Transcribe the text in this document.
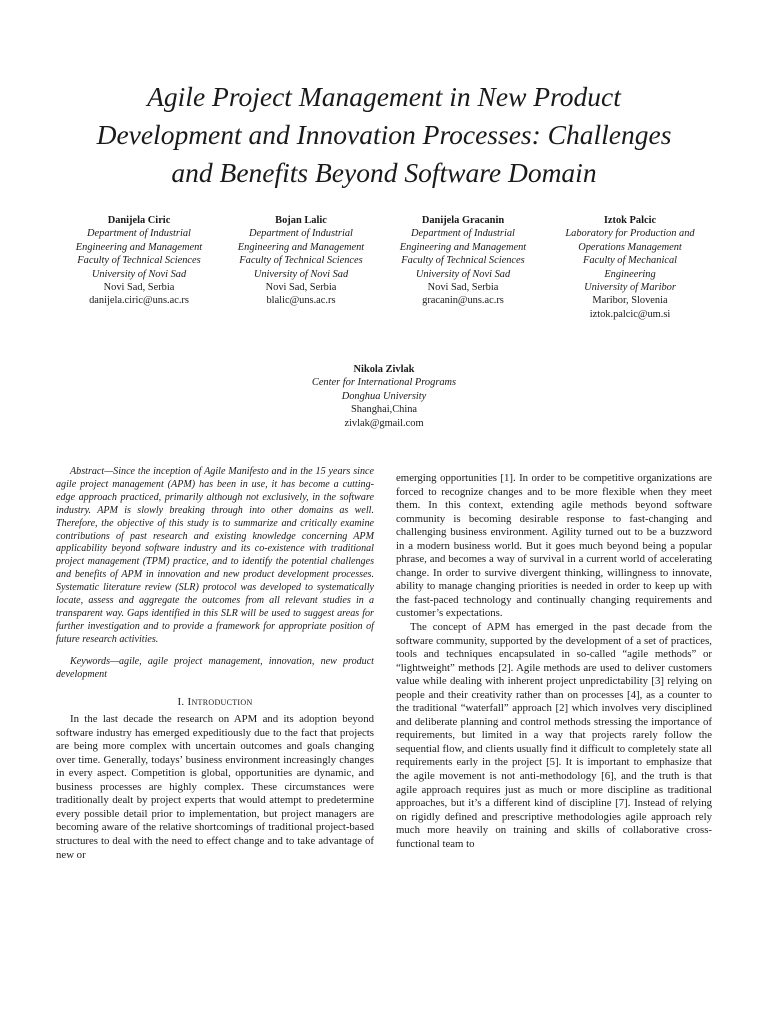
Agile Project Management in New Product
Development and Innovation Processes: Challenges
and Benefits Beyond Software Domain
Danijela Ciric
Department of Industrial
Engineering and Management
Faculty of Technical Sciences
University of Novi Sad
Novi Sad, Serbia
danijela.ciric@uns.ac.rs
Bojan Lalic
Department of Industrial
Engineering and Management
Faculty of Technical Sciences
University of Novi Sad
Novi Sad, Serbia
blalic@uns.ac.rs
Danijela Gracanin
Department of Industrial
Engineering and Management
Faculty of Technical Sciences
University of Novi Sad
Novi Sad, Serbia
gracanin@uns.ac.rs
Iztok Palcic
Laboratory for Production and
Operations Management
Faculty of Mechanical
Engineering
University of Maribor
Maribor, Slovenia
iztok.palcic@um.si
Nikola Zivlak
Center for International Programs
Donghua University
Shanghai,China
zivlak@gmail.com

Abstract—Since the inception of Agile Manifesto and in the 15 years since agile project management (APM) has been in use, it has become a cutting-edge approach practiced, primarily although not exclusively, in the software industry. APM is slowly breaking through into other domains as well. Therefore, the objective of this study is to summarize and critically examine contributions of past research and existing knowledge concerning APM applicability beyond software industry and its co-existence with traditional project management (TPM) practice, and to identify the potential challenges and benefits of APM in innovation and new product development processes. Systematic literature review (SLR) protocol was developed to systematically locate, assess and aggregate the outcomes from all relevant studies in a transparent way. Gaps identified in this SLR will be used to suggest areas for further investigation and to provide a framework for appropriate position of future research activities.

Keywords—agile, agile project management, innovation, new product development

I. Introduction

In the last decade the research on APM and its adoption beyond software industry has emerged expeditiously due to the fact that projects are being more complex with uncertain outcomes and goals changing over time. Generally, todays’ business environment increasingly changes in every aspect. Competition is global, opportunities are dynamic, and business processes are highly complex. These circumstances were traditionally dealt by project experts that would attempt to predetermine every possible detail prior to implementation, but project managers are becoming aware of the relative shortcomings of traditional project-based structures to deal with the need to effect change and to take advantage of new or

emerging opportunities [1]. In order to be competitive organizations are forced to recognize changes and to be more flexible when they meet them. In this context, extending agile methods beyond software community is becoming desirable response to fast-changing and challenging business environment. Agility turned out to be a buzzword in a modern business world. But it goes much beyond being a popular phrase, and becomes a way of survival in a current world of accelerating change. In order to survive divergent thinking, willingness to innovate, ability to manage changing priorities is needed in order to keep up with the fast-paced technology and continually changing requirements and customer’s expectations.

The concept of APM has emerged in the past decade from the software community, supported by the development of a set of practices, tools and techniques encapsulated in so-called “agile methods” or “lightweight” methods [2]. Agile methods are used to deliver customers value while dealing with inherent project unpredictability [3] relying on people and their creativity rather than on processes [4], as a counter to the traditional “waterfall” approach [2] which involves very disciplined and deliberate planning and control methods stressing the importance of requirements, but limited in a way that projects rarely follow the sequential flow, and clients usually find it difficult to completely state all requirements early in the project [5]. It is important to emphasize that the agile movement is not anti-methodology [6], and the truth is that agile approach requires just as much or more discipline as traditional approaches, but it’s a different kind of discipline [7]. Instead of relying on rigidly defined and prescriptive methodologies agile approach rely much more heavily on training and skills of collaborative cross-functional team to
